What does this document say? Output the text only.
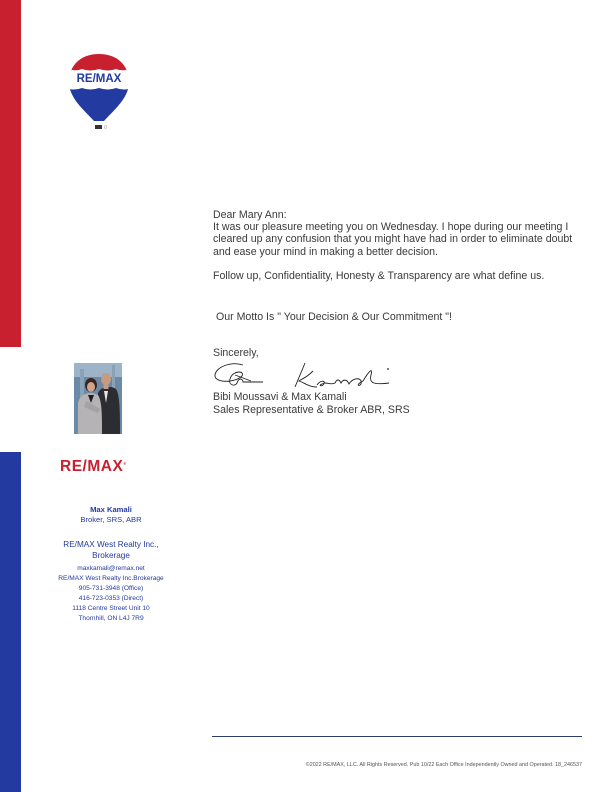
RE/MAX

Dear Mary Ann:

It was our pleasure meeting you on Wednesday. I hope during our meeting I cleared up any confusion that you might have had in order to eliminate doubt and ease your mind in making a better decision.

Follow up, Confidentiality, Honesty & Transparency are what define us.

Our Motto Is " Your Decision & Our Commitment "!

Sincerely,

Bibi Moussavi & Max Kamali

Sales Representative & Broker ABR, SRS

RE/MAX®
Max Kamali
Broker, SRS, ABR
RE/MAX West Realty Inc.,
Brokerage
maxkamali@remax.net
RE/MAX West Realty Inc.Brokerage
905-731-3948 (Office)
416-723-0353 (Direct)
1118 Centre Street Unit 10
Thornhill, ON L4J 7R9
©2022 RE/MAX, LLC. All Rights Reserved. Pub 10/22 Each Office Independently Owned and Operated. 18_246537
